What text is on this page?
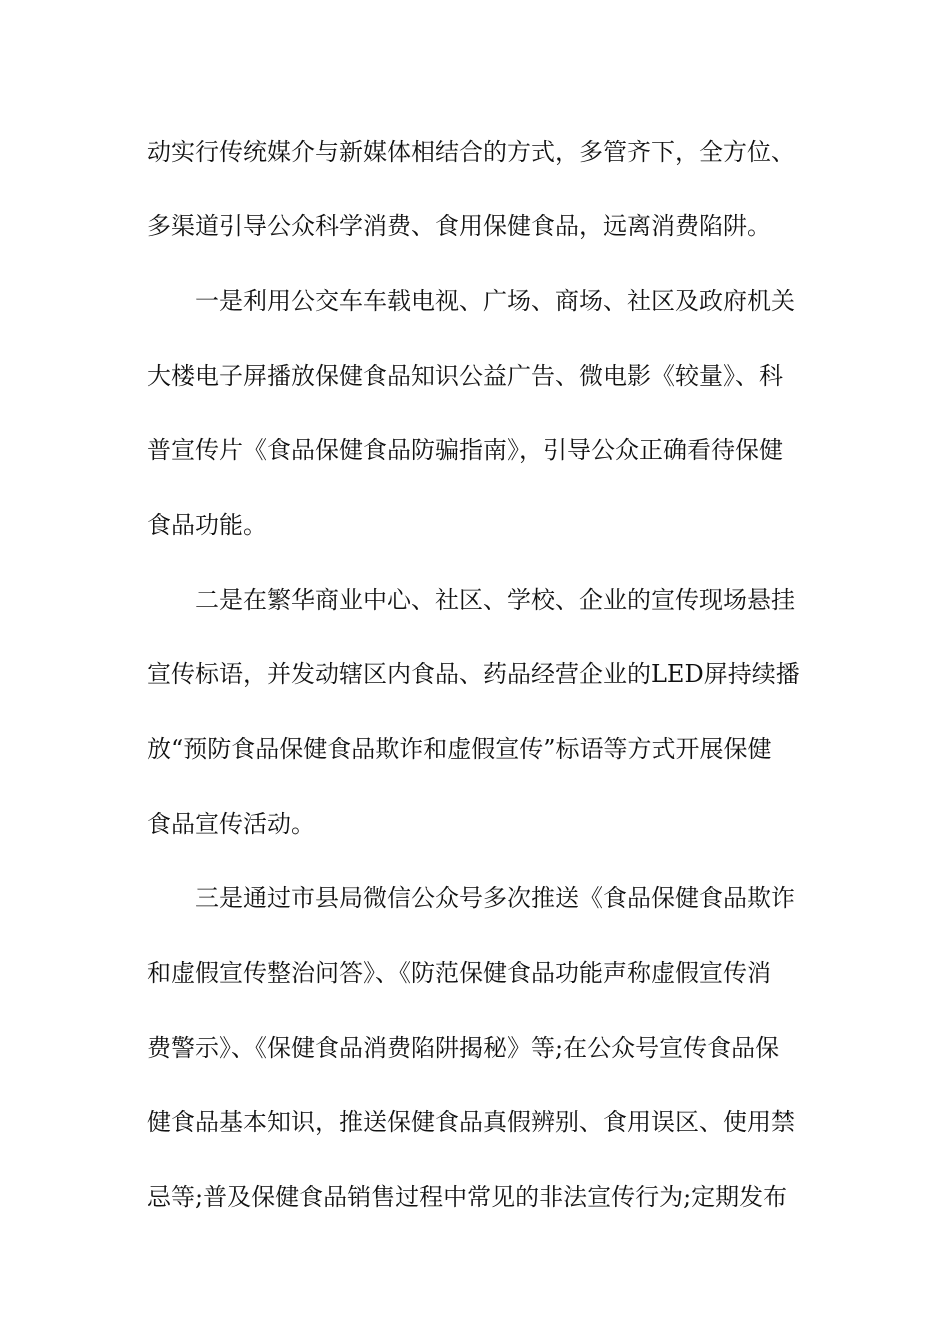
动实行传统媒介与新媒体相结合的方式，多管齐下，全方位、
多渠道引导公众科学消费、食用保健食品，远离消费陷阱。
一是利用公交车车载电视、广场、商场、社区及政府机关
大楼电子屏播放保健食品知识公益广告、微电影《较量》、科
普宣传片《食品保健食品防骗指南》，引导公众正确看待保健
食品功能。
二是在繁华商业中心、社区、学校、企业的宣传现场悬挂
宣传标语，并发动辖区内食品、药品经营企业的LED屏持续播
放“预防食品保健食品欺诈和虚假宣传”标语等方式开展保健
食品宣传活动。
三是通过市县局微信公众号多次推送《食品保健食品欺诈
和虚假宣传整治问答》、《防范保健食品功能声称虚假宣传消
费警示》、《保健食品消费陷阱揭秘》等;在公众号宣传食品保
健食品基本知识，推送保健食品真假辨别、食用误区、使用禁
忌等;普及保健食品销售过程中常见的非法宣传行为;定期发布
